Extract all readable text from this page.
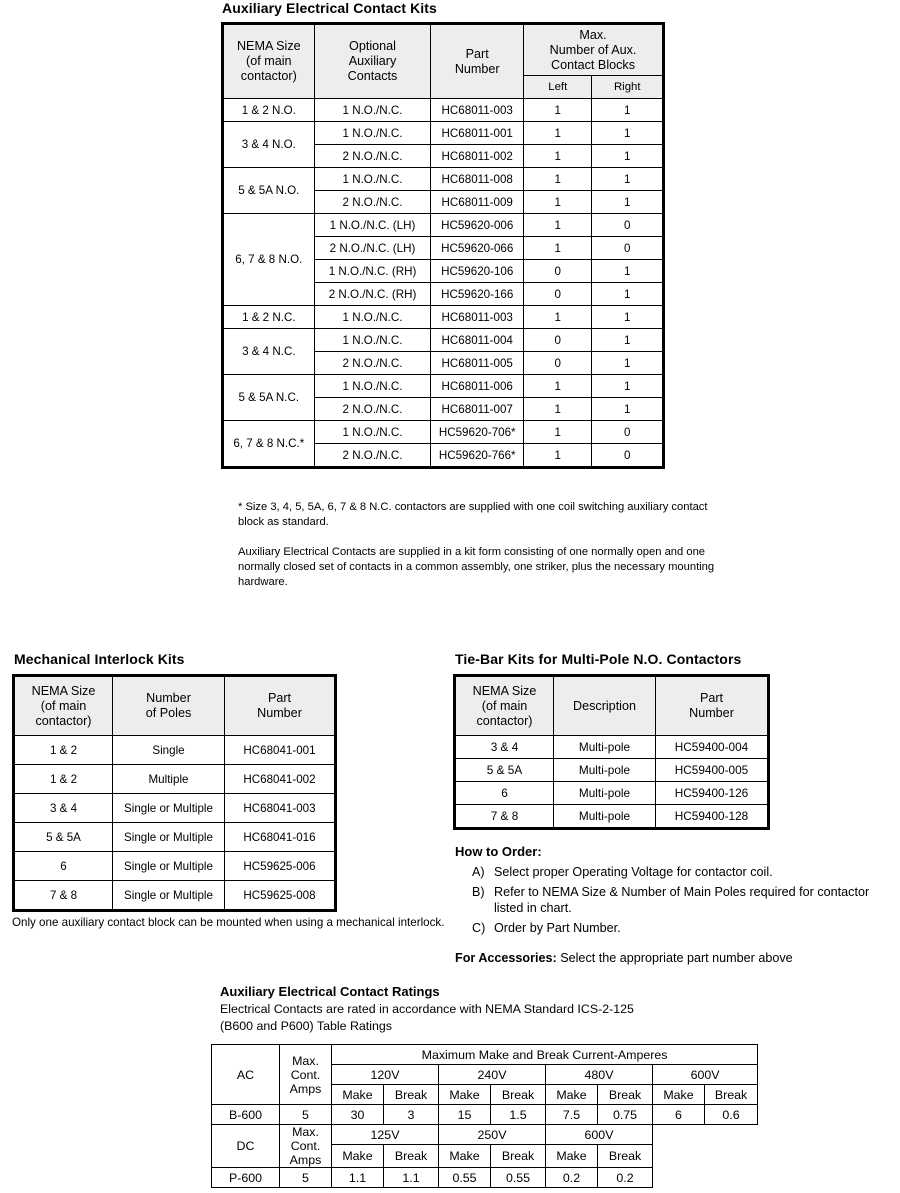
Auxiliary Electrical Contact Kits
NEMA Size
(of main
contactor)

Optional
Auxiliary
Contacts

Part
Number

Max.
Number of Aux.
Contact Blocks

			Left	Right
1 & 2 N.O.	1 N.O./N.C.	HC68011-003	1	1
3 & 4 N.O.	1 N.O./N.C.	HC68011-001	1	1
	2 N.O./N.C.	HC68011-002	1	1
5 & 5A N.O.	1 N.O./N.C.	HC68011-008	1	1
	2 N.O./N.C.	HC68011-009	1	1
6, 7 & 8 N.O.	1 N.O./N.C. (LH)	HC59620-006	1	0
	2 N.O./N.C. (LH)	HC59620-066	1	0
	1 N.O./N.C. (RH)	HC59620-106	0	1
	2 N.O./N.C. (RH)	HC59620-166	0	1
1 & 2 N.C.	1 N.O./N.C.	HC68011-003	1	1
3 & 4 N.C.	1 N.O./N.C.	HC68011-004	0	1
	2 N.O./N.C.	HC68011-005	0	1
5 & 5A N.C.	1 N.O./N.C.	HC68011-006	1	1
	2 N.O./N.C.	HC68011-007	1	1
6, 7 & 8 N.C.*	1 N.O./N.C.	HC59620-706*	1	0
	2 N.O./N.C.	HC59620-766*	1	0
* Size 3, 4, 5, 5A, 6, 7 & 8 N.C. contactors are supplied with one coil switching auxiliary contact block as standard.
Auxiliary Electrical Contacts are supplied in a kit form consisting of one normally open and one normally closed set of contacts in a common assembly, one striker, plus the necessary mounting hardware.
Mechanical Interlock Kits
NEMA Size
(of main
contactor)

Number
of Poles

Part
Number

1 & 2	Single	HC68041-001
1 & 2	Multiple	HC68041-002
3 & 4	Single or Multiple	HC68041-003
5 & 5A	Single or Multiple	HC68041-016
6	Single or Multiple	HC59625-006
7 & 8	Single or Multiple	HC59625-008
Only one auxiliary contact block can be mounted when using a mechanical interlock.
Tie-Bar Kits for Multi-Pole N.O. Contactors
NEMA Size
(of main
contactor)
	Description	
Part
Number

3 & 4	Multi-pole	HC59400-004
5 & 5A	Multi-pole	HC59400-005
6	Multi-pole	HC59400-126
7 & 8	Multi-pole	HC59400-128
How to Order:
A) Select proper Operating Voltage for contactor coil.
B) Refer to NEMA Size & Number of Main Poles required for contactor listed in chart.
C) Order by Part Number.
For Accessories: Select the appropriate part number above
Auxiliary Electrical Contact Ratings
Electrical Contacts are rated in accordance with NEMA Standard ICS-2-125
(B600 and P600) Table Ratings
AC	Max.
Cont.
Amps	Maximum Make and Break Current-Amperes							
		120V		240V		480V		600V	
		Make	Break	Make	Break	Make	Break	Make	Break
B-600	5	30	3	15	1.5	7.5	0.75	6	0.6
DC	Max.
Cont.
Amps	125V		250V		600V			
		Make	Break	Make	Break	Make	Break		

P-600	5	1.1	1.1	0.55	0.55	0.2	0.2		
